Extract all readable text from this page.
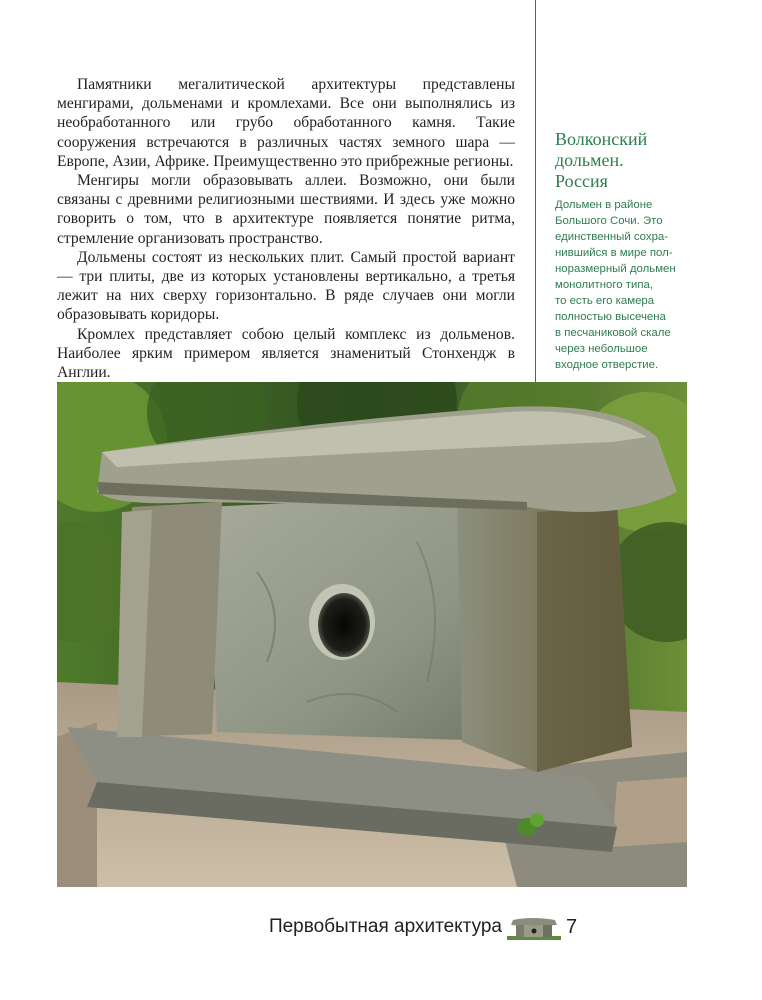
Памятники мегалитической архитектуры представлены менгирами, дольменами и кромлехами. Все они выполнялись из необработанного или грубо обработанного камня. Такие сооружения встречаются в различных частях земного шара — Европе, Азии, Африке. Преимущественно это прибрежные регионы.

Менгиры могли образовывать аллеи. Возможно, они были связаны с древними религиозными шествиями. И здесь уже можно говорить о том, что в архитектуре появляется понятие ритма, стремление организовать пространство.

Дольмены состоят из нескольких плит. Самый простой вариант — три плиты, две из которых установлены вертикально, а третья лежит на них сверху горизонтально. В ряде случаев они могли образовывать коридоры.

Кромлех представляет собою целый комплекс из дольменов. Наиболее ярким примером является знаменитый Стонхендж в Англии.

Волконский
дольмен.
Россия
Дольмен в районе
Большого Сочи. Это
единственный сохра-
нившийся в мире пол-
норазмерный дольмен
монолитного типа,
то есть его камера
полностью высечена
в песчаниковой скале
через небольшое
входное отверстие.
Первобытная архитектура	7
